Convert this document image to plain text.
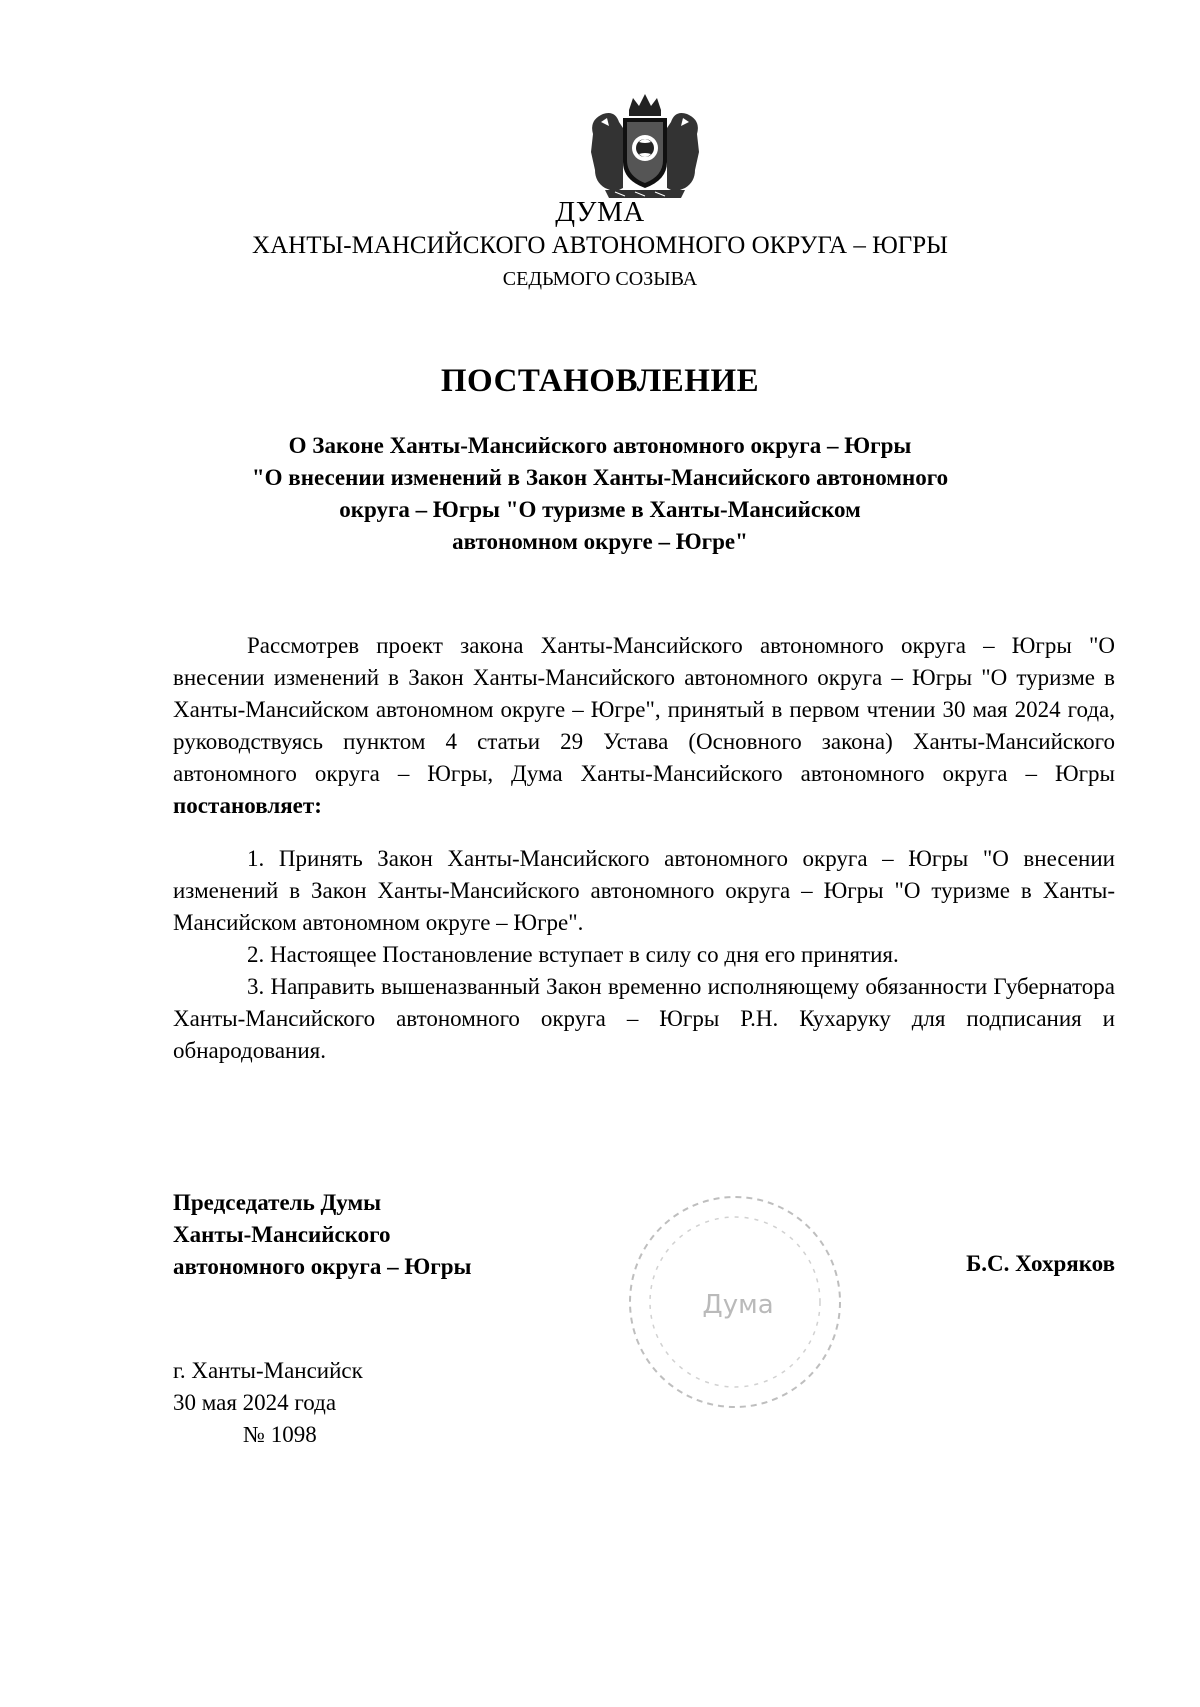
ДУМА
ХАНТЫ-МАНСИЙСКОГО АВТОНОМНОГО ОКРУГА – ЮГРЫ
СЕДЬМОГО СОЗЫВА
ПОСТАНОВЛЕНИЕ
О Законе Ханты-Мансийского автономного округа – Югры
"О внесении изменений в Закон Ханты-Мансийского автономного
округа – Югры "О туризме в Ханты-Мансийском
автономном округе – Югре"

Рассмотрев проект закона Ханты-Мансийского автономного округа – Югры "О внесении изменений в Закон Ханты-Мансийского автономного округа – Югры "О туризме в Ханты-Мансийском автономном округе – Югре", принятый в первом чтении 30 мая 2024 года, руководствуясь пунктом 4 статьи 29 Устава (Основного закона) Ханты-Мансийского автономного округа – Югры, Дума Ханты-Мансийского автономного округа – Югры постановляет:

1. Принять Закон Ханты-Мансийского автономного округа – Югры "О внесении изменений в Закон Ханты-Мансийского автономного округа – Югры "О туризме в Ханты-Мансийском автономном округе – Югре".

2. Настоящее Постановление вступает в силу со дня его принятия.

3. Направить вышеназванный Закон временно исполняющему обязанности Губернатора Ханты-Мансийского автономного округа – Югры Р.Н. Кухаруку для подписания и обнародования.

Председатель Думы
Ханты-Мансийского
автономного округа – Югры
Дума
Б.С. Хохряков
г. Ханты-Мансийск
30 мая 2024 года
№ 1098
